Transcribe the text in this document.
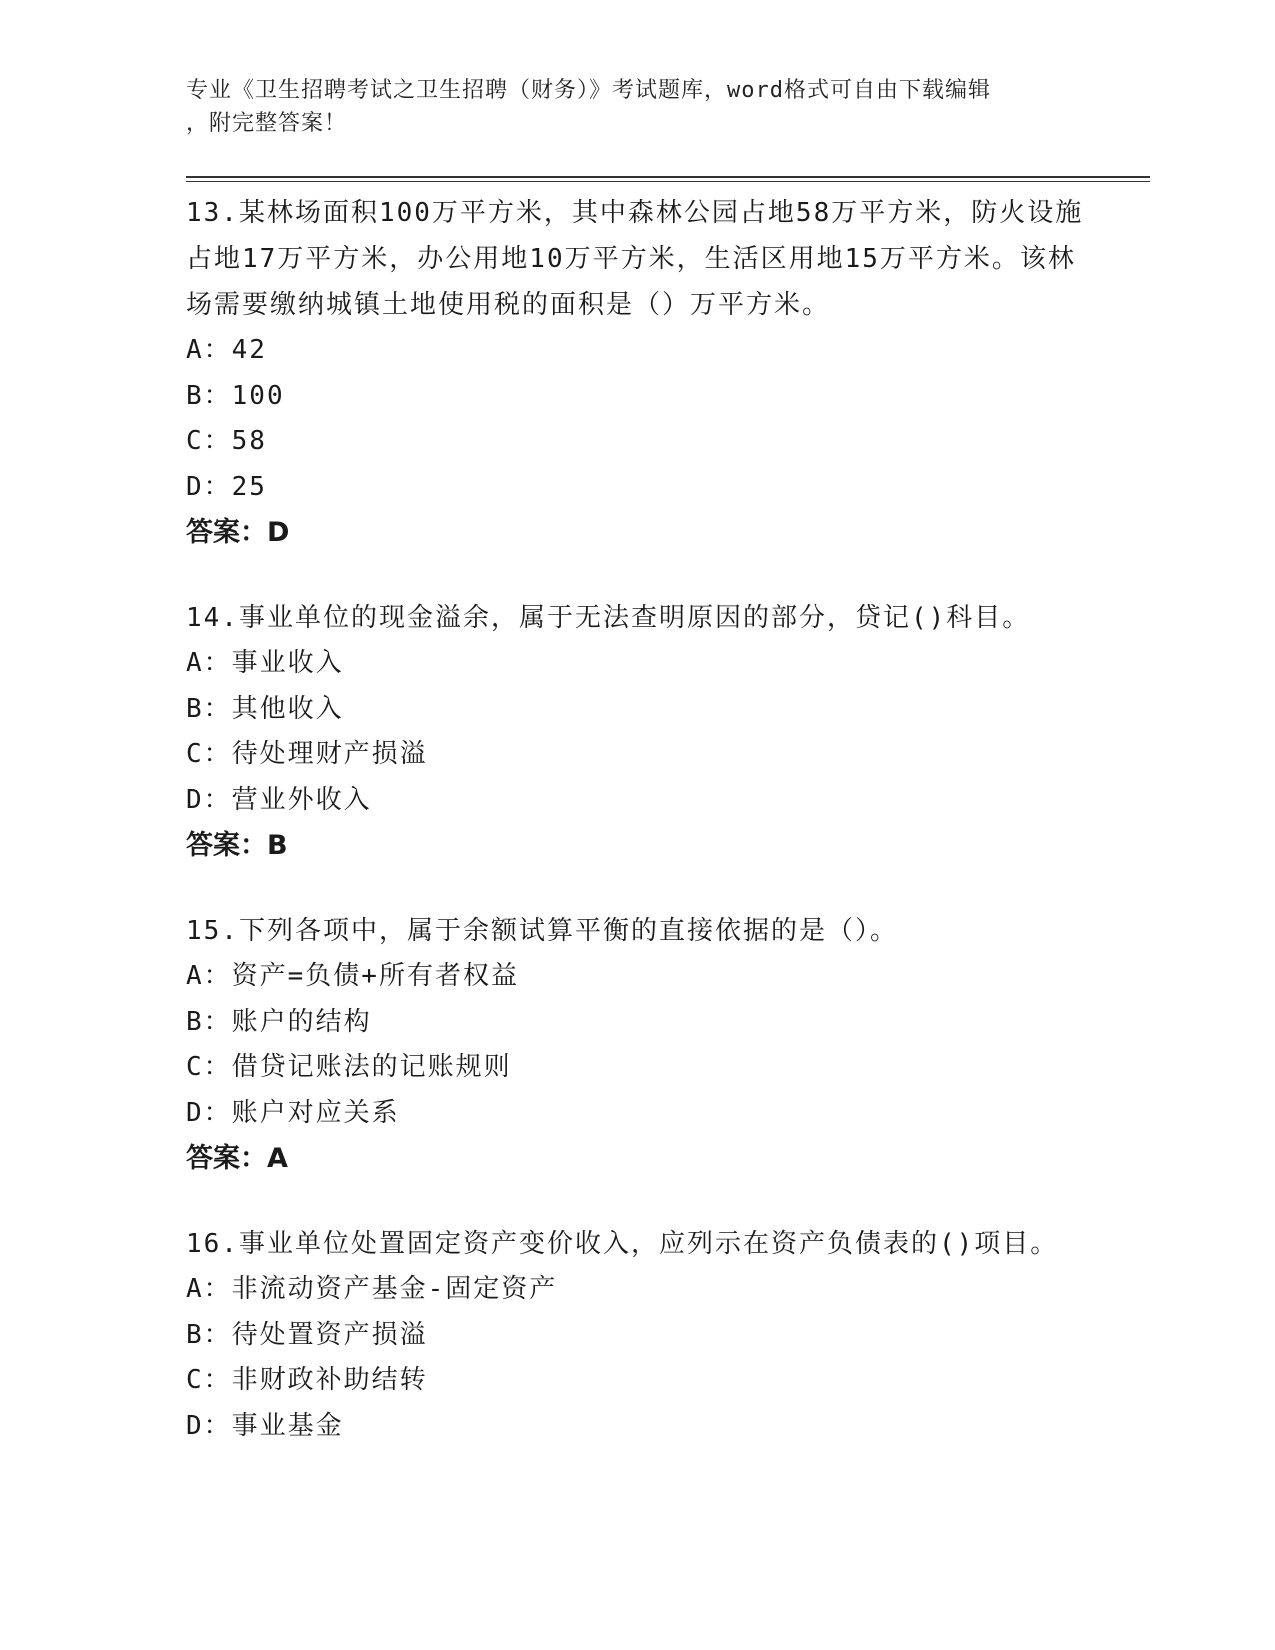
专业《卫生招聘考试之卫生招聘（财务）》考试题库，word格式可自由下载编辑
，附完整答案！

13.某林场面积100万平方米，其中森林公园占地58万平方米，防火设施占地17万平方米，办公用地10万平方米，生活区用地15万平方米。该林场需要缴纳城镇土地使用税的面积是（）万平方米。

A：42

B：100

C：58

D：25

答案：D

14.事业单位的现金溢余，属于无法查明原因的部分，贷记()科目。

A：事业收入

B：其他收入

C：待处理财产损溢

D：营业外收入

答案：B

15.下列各项中，属于余额试算平衡的直接依据的是（）。

A：资产=负债+所有者权益

B：账户的结构

C：借贷记账法的记账规则

D：账户对应关系

答案：A

16.事业单位处置固定资产变价收入，应列示在资产负债表的()项目。

A：非流动资产基金-固定资产

B：待处置资产损溢

C：非财政补助结转

D：事业基金
